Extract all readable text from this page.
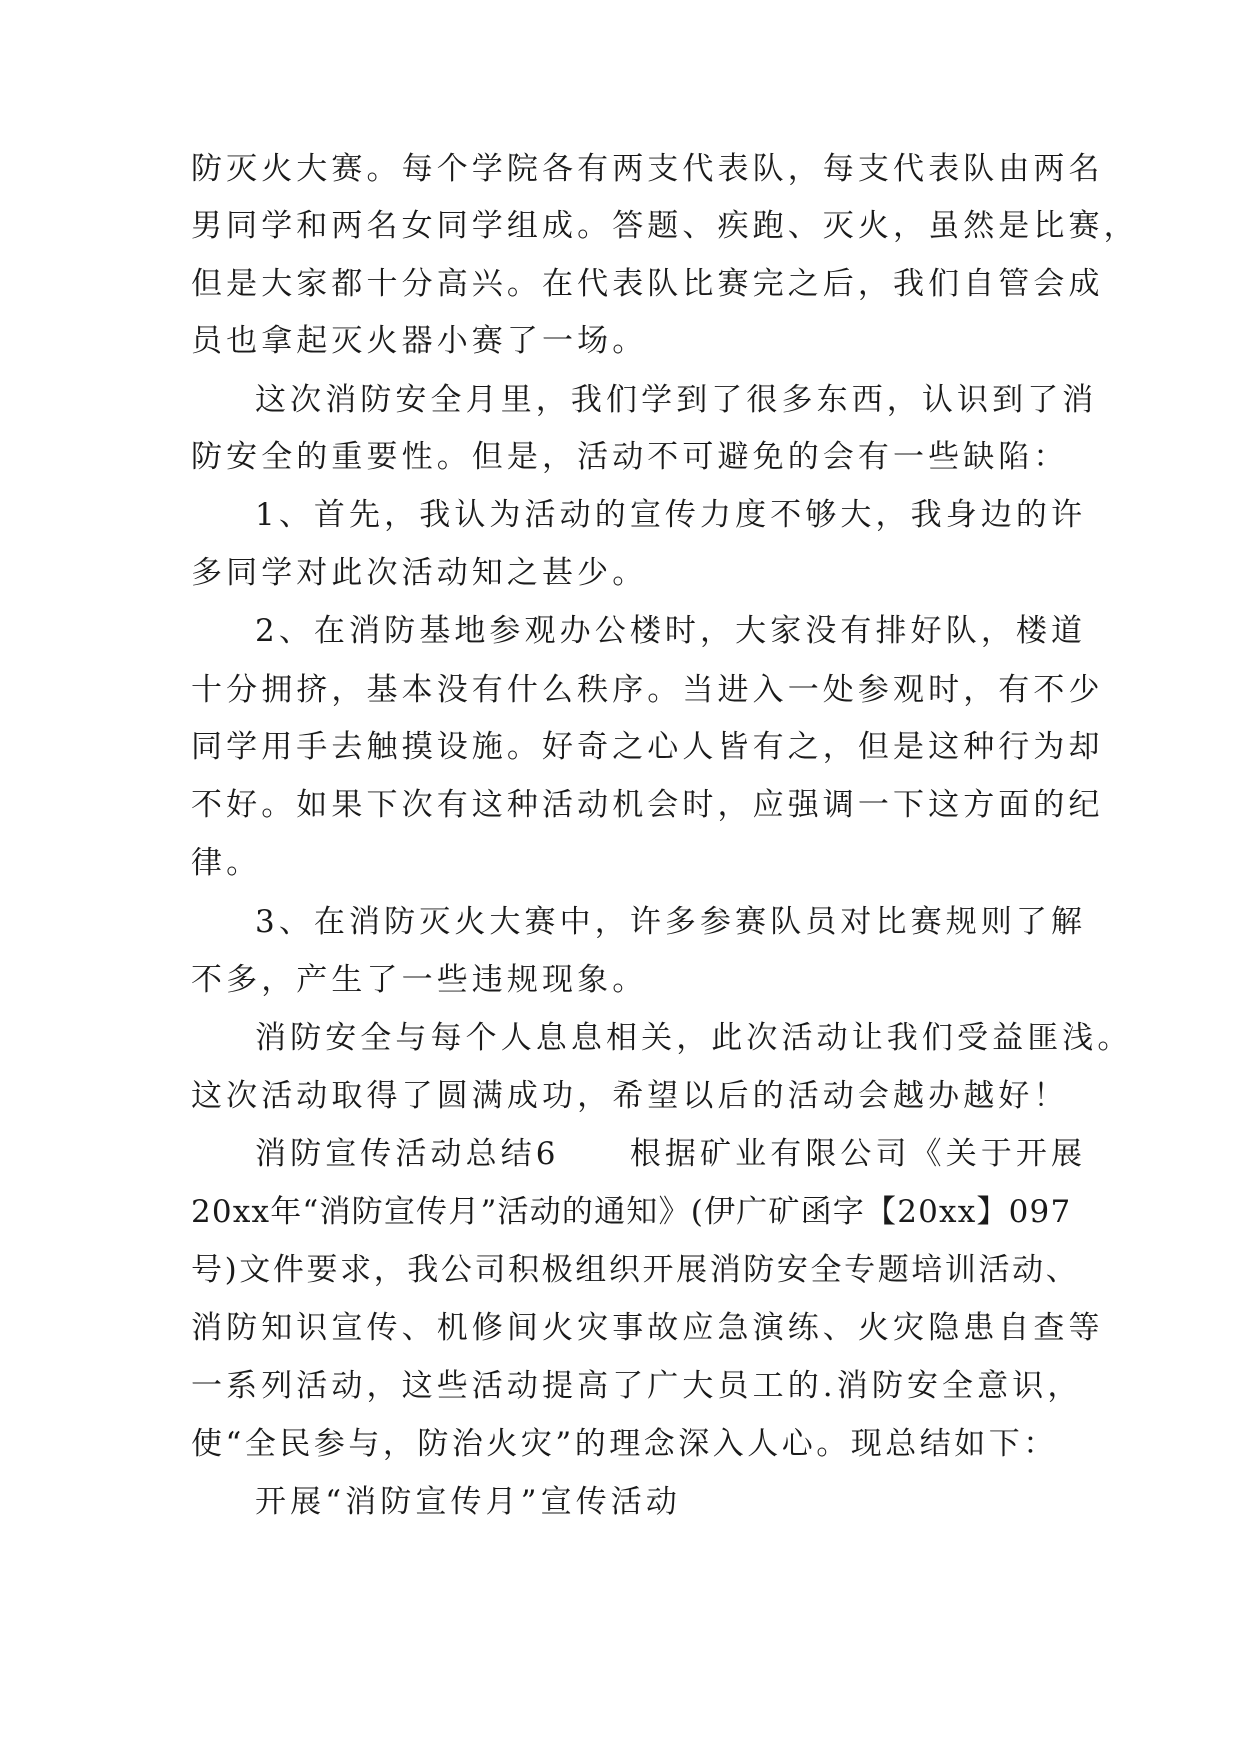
防灭火大赛。每个学院各有两支代表队，每支代表队由两名
男同学和两名女同学组成。答题、疾跑、灭火，虽然是比赛，
但是大家都十分高兴。在代表队比赛完之后，我们自管会成
员也拿起灭火器小赛了一场。
这次消防安全月里，我们学到了很多东西，认识到了消
防安全的重要性。但是，活动不可避免的会有一些缺陷：
1、首先，我认为活动的宣传力度不够大，我身边的许
多同学对此次活动知之甚少。
2、在消防基地参观办公楼时，大家没有排好队，楼道
十分拥挤，基本没有什么秩序。当进入一处参观时，有不少
同学用手去触摸设施。好奇之心人皆有之，但是这种行为却
不好。如果下次有这种活动机会时，应强调一下这方面的纪
律。
3、在消防灭火大赛中，许多参赛队员对比赛规则了解
不多，产生了一些违规现象。
消防安全与每个人息息相关，此次活动让我们受益匪浅。
这次活动取得了圆满成功，希望以后的活动会越办越好！
消防宣传活动总结6　　根据矿业有限公司《关于开展
20xx年“消防宣传月”活动的通知》(伊广矿函字【20xx】097
号)文件要求，我公司积极组织开展消防安全专题培训活动、
消防知识宣传、机修间火灾事故应急演练、火灾隐患自查等
一系列活动，这些活动提高了广大员工的.消防安全意识，
使“全民参与，防治火灾”的理念深入人心。现总结如下：
开展“消防宣传月”宣传活动
